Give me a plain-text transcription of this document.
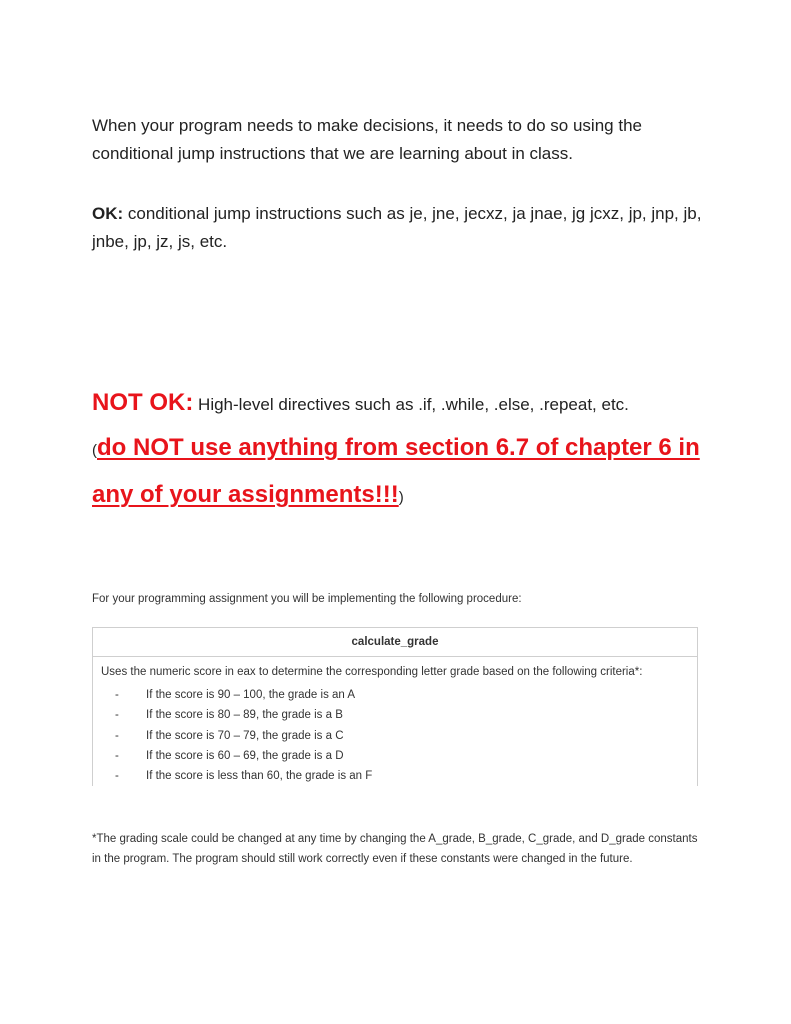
When your program needs to make decisions, it needs to do so using the conditional jump instructions that we are learning about in class.

OK: conditional jump instructions such as je, jne, jecxz, ja jnae, jg jcxz, jp, jnp, jb, jnbe, jp, jz, js, etc.

NOT OK: High-level directives such as .if, .while, .else, .repeat, etc.
(do NOT use anything from section 6.7 of chapter 6 in any of your assignments!!!)
For your programming assignment you will be implementing the following procedure:
calculate_grade
Uses the numeric score in eax to determine the corresponding letter grade based on the following criteria*:
- If the score is 90 – 100, the grade is an A
- If the score is 80 – 89, the grade is a B
- If the score is 70 – 79, the grade is a C
- If the score is 60 – 69, the grade is a D
- If the score is less than 60, the grade is an F
*The grading scale could be changed at any time by changing the A_grade, B_grade, C_grade, and D_grade constants in the program. The program should still work correctly even if these constants were changed in the future.
